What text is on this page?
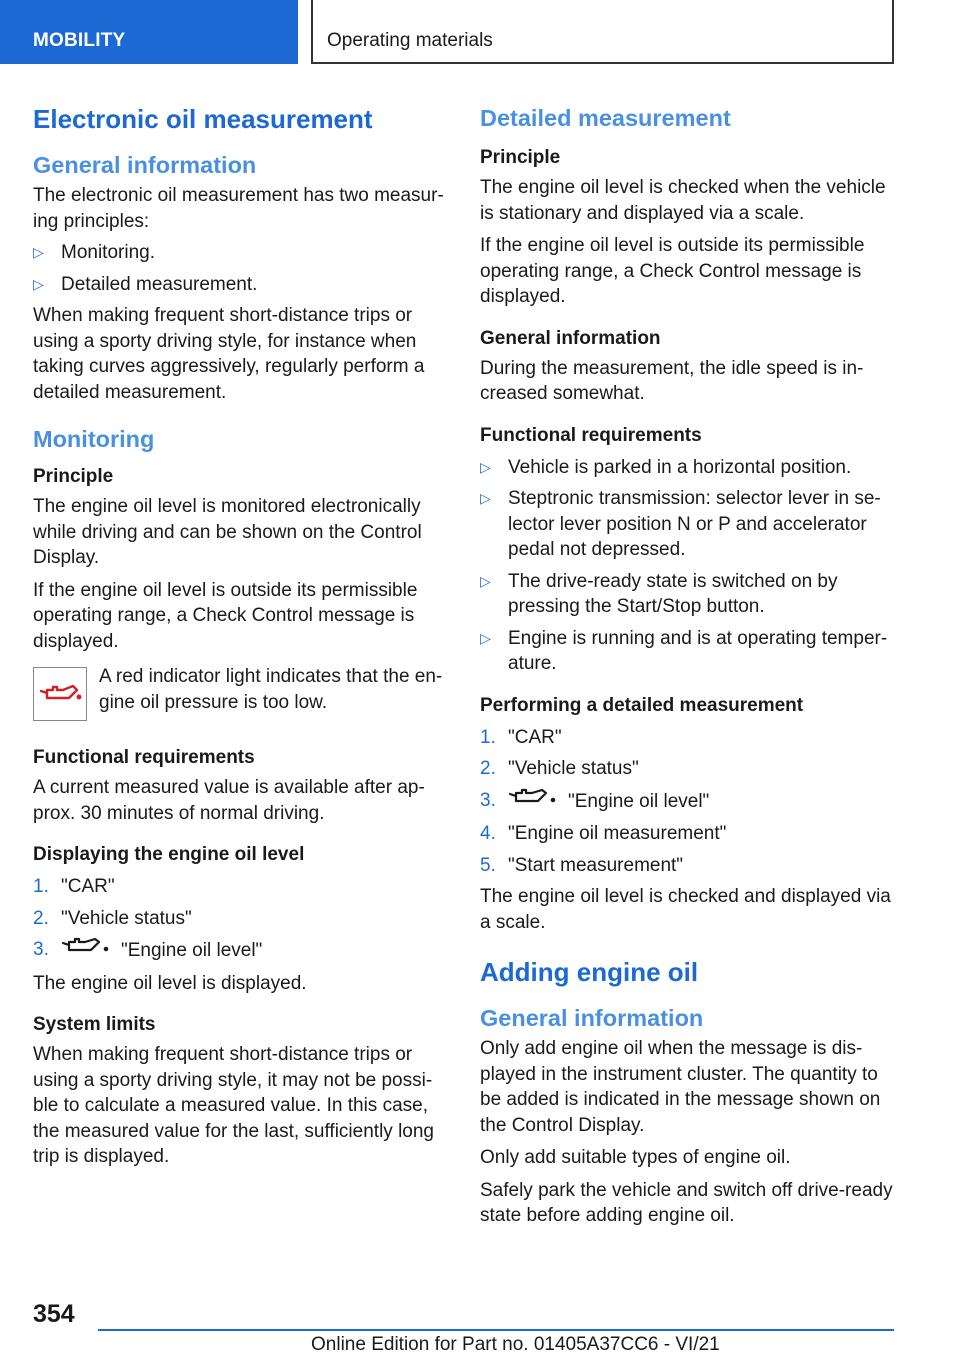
MOBILITY	Operating materials
Electronic oil measurement
General information

The electronic oil measurement has two measur-ing principles:

▷ Monitoring.
▷ Detailed measurement.

When making frequent short-distance trips or using a sporty driving style, for instance when taking curves aggressively, regularly perform a detailed measurement.

Monitoring
Principle

The engine oil level is monitored electronically while driving and can be shown on the Control Display.

If the engine oil level is outside its permissible operating range, a Check Control message is displayed.

A red indicator light indicates that the en-gine oil pressure is too low.

Functional requirements

A current measured value is available after ap-prox. 30 minutes of normal driving.

Displaying the engine oil level
1. "CAR"
2. "Vehicle status"
3.	"Engine oil level"

The engine oil level is displayed.

System limits

When making frequent short-distance trips or using a sporty driving style, it may not be possi-ble to calculate a measured value. In this case, the measured value for the last, sufficiently long trip is displayed.

Detailed measurement
Principle

The engine oil level is checked when the vehicle is stationary and displayed via a scale.

If the engine oil level is outside its permissible operating range, a Check Control message is displayed.

General information

During the measurement, the idle speed is in-creased somewhat.

Functional requirements
▷ Vehicle is parked in a horizontal position.
▷ Steptronic transmission: selector lever in se-lector lever position N or P and accelerator pedal not depressed.
▷ The drive-ready state is switched on by pressing the Start/Stop button.
▷ Engine is running and is at operating temper-ature.
Performing a detailed measurement
1. "CAR"
2. "Vehicle status"
3.	"Engine oil level"
4. "Engine oil measurement"
5. "Start measurement"

The engine oil level is checked and displayed via a scale.

Adding engine oil
General information

Only add engine oil when the message is dis-played in the instrument cluster. The quantity to be added is indicated in the message shown on the Control Display.

Only add suitable types of engine oil.

Safely park the vehicle and switch off drive-ready state before adding engine oil.

354
Online Edition for Part no. 01405A37CC6 - VI/21
